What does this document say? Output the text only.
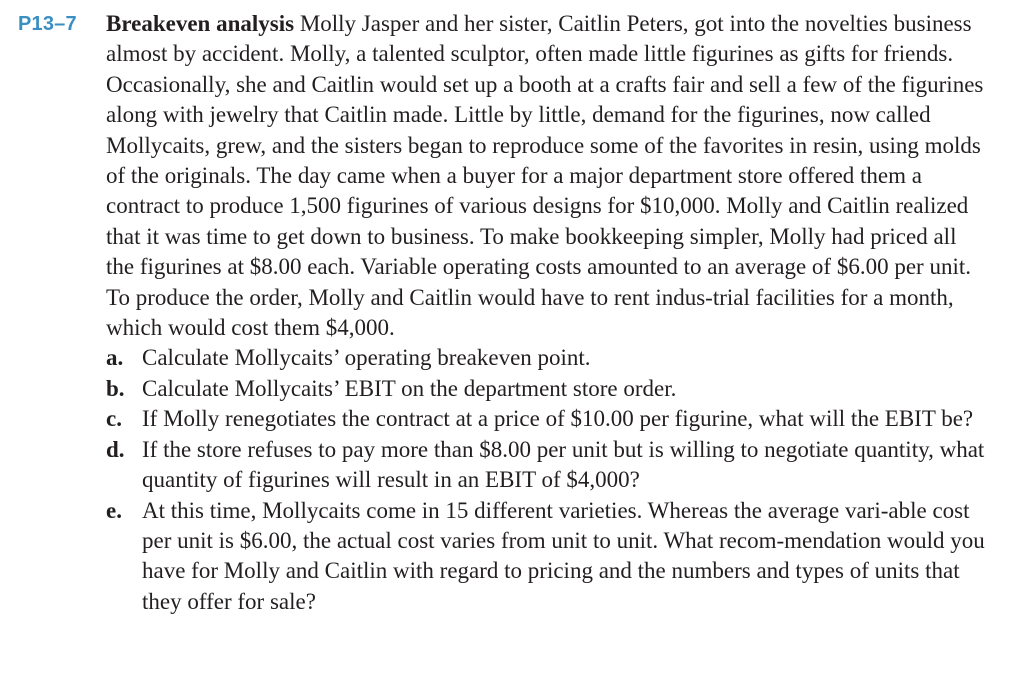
P13–7 Breakeven analysis Molly Jasper and her sister, Caitlin Peters, got into the novelties business almost by accident. Molly, a talented sculptor, often made little figurines as gifts for friends. Occasionally, she and Caitlin would set up a booth at a crafts fair and sell a few of the figurines along with jewelry that Caitlin made. Little by little, demand for the figurines, now called Mollycaits, grew, and the sisters began to reproduce some of the favorites in resin, using molds of the originals. The day came when a buyer for a major department store offered them a contract to produce 1,500 figurines of various designs for $10,000. Molly and Caitlin realized that it was time to get down to business. To make bookkeeping simpler, Molly had priced all the figurines at $8.00 each. Variable operating costs amounted to an average of $6.00 per unit. To produce the order, Molly and Caitlin would have to rent indus-trial facilities for a month, which would cost them $4,000.

a. Calculate Mollycaits’ operating breakeven point.
b. Calculate Mollycaits’ EBIT on the department store order.
c. If Molly renegotiates the contract at a price of $10.00 per figurine, what will the EBIT be?
d. If the store refuses to pay more than $8.00 per unit but is willing to negotiate quantity, what quantity of figurines will result in an EBIT of $4,000?
e. At this time, Mollycaits come in 15 different varieties. Whereas the average vari-able cost per unit is $6.00, the actual cost varies from unit to unit. What recom-mendation would you have for Molly and Caitlin with regard to pricing and the numbers and types of units that they offer for sale?
